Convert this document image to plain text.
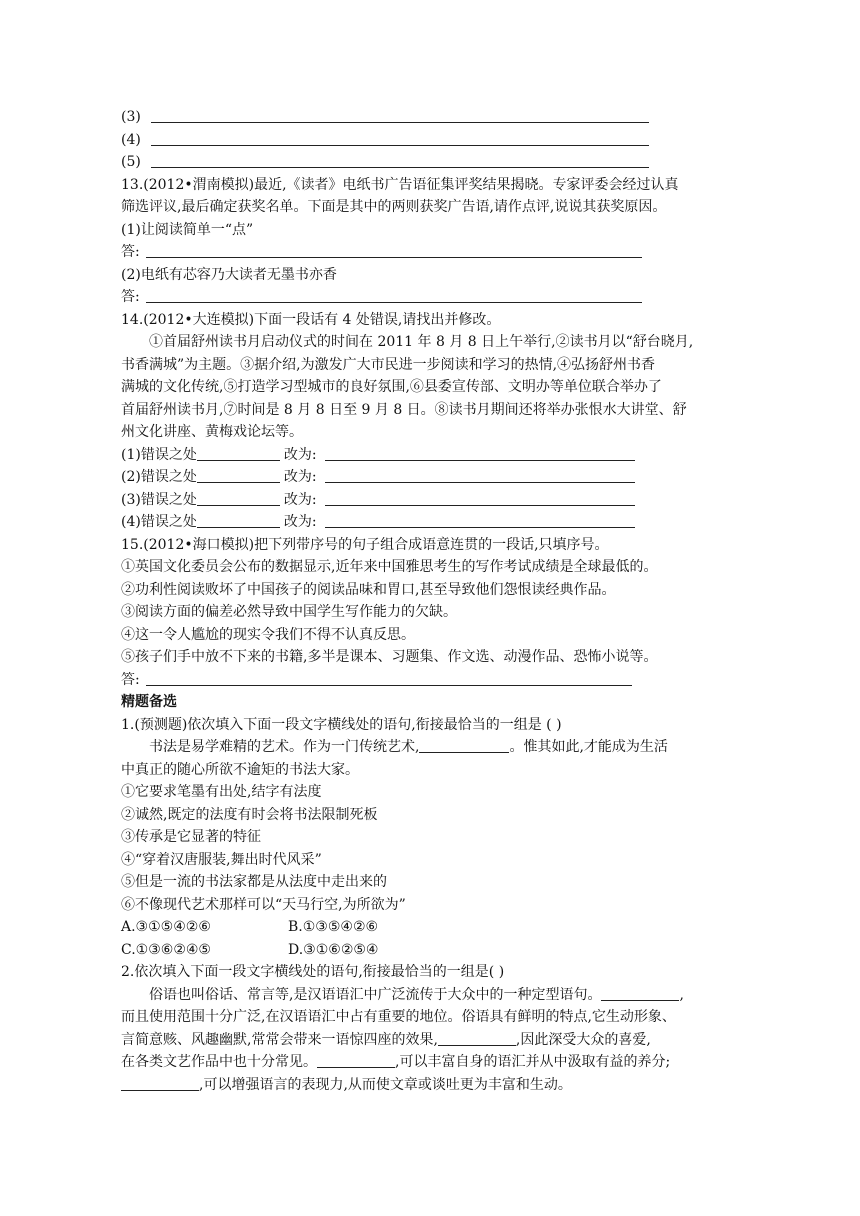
(3)
(4)
(5)
13.(2012•渭南模拟)最近,《读者》电纸书广告语征集评奖结果揭晓。专家评委会经过认真
筛选评议,最后确定获奖名单。下面是其中的两则获奖广告语,请作点评,说说其获奖原因。
(1)让阅读简单一“点”
答:
(2)电纸有芯容乃大读者无墨书亦香
答:
14.(2012•大连模拟)下面一段话有 4 处错误,请找出并修改。
①首届舒州读书月启动仪式的时间在 2011 年 8 月 8 日上午举行,②读书月以“舒台晓月,
书香满城”为主题。③据介绍,为激发广大市民进一步阅读和学习的热情,④弘扬舒州书香
满城的文化传统,⑤打造学习型城市的良好氛围,⑥县委宣传部、文明办等单位联合举办了
首届舒州读书月,⑦时间是 8 月 8 日至 9 月 8 日。⑧读书月期间还将举办张恨水大讲堂、舒
州文化讲座、黄梅戏论坛等。
(1)错误之处	改为:
(2)错误之处	改为:
(3)错误之处	改为:
(4)错误之处	改为:
15.(2012•海口模拟)把下列带序号的句子组合成语意连贯的一段话,只填序号。
①英国文化委员会公布的数据显示,近年来中国雅思考生的写作考试成绩是全球最低的。
②功利性阅读败坏了中国孩子的阅读品味和胃口,甚至导致他们怨恨读经典作品。
③阅读方面的偏差必然导致中国学生写作能力的欠缺。
④这一令人尴尬的现实令我们不得不认真反思。
⑤孩子们手中放不下来的书籍,多半是课本、习题集、作文选、动漫作品、恐怖小说等。
答:
精题备选
1.(预测题)依次填入下面一段文字横线处的语句,衔接最恰当的一组是 ( )
书法是易学难精的艺术。作为一门传统艺术,	。惟其如此,才能成为生活
中真正的随心所欲不逾矩的书法大家。
①它要求笔墨有出处,结字有法度
②诚然,既定的法度有时会将书法限制死板
③传承是它显著的特征
④“穿着汉唐服装,舞出时代风采”
⑤但是一流的书法家都是从法度中走出来的
⑥不像现代艺术那样可以“天马行空,为所欲为”
A.③①⑤④②⑥	B.①③⑤④②⑥
C.①③⑥②④⑤	D.③①⑥②⑤④
2.依次填入下面一段文字横线处的语句,衔接最恰当的一组是( )
俗语也叫俗话、常言等,是汉语语汇中广泛流传于大众中的一种定型语句。	,
而且使用范围十分广泛,在汉语语汇中占有重要的地位。俗语具有鲜明的特点,它生动形象、
言简意赅、风趣幽默,常常会带来一语惊四座的效果,	,因此深受大众的喜爱,
在各类文艺作品中也十分常见。	,可以丰富自身的语汇并从中汲取有益的养分;
,可以增强语言的表现力,从而使文章或谈吐更为丰富和生动。
